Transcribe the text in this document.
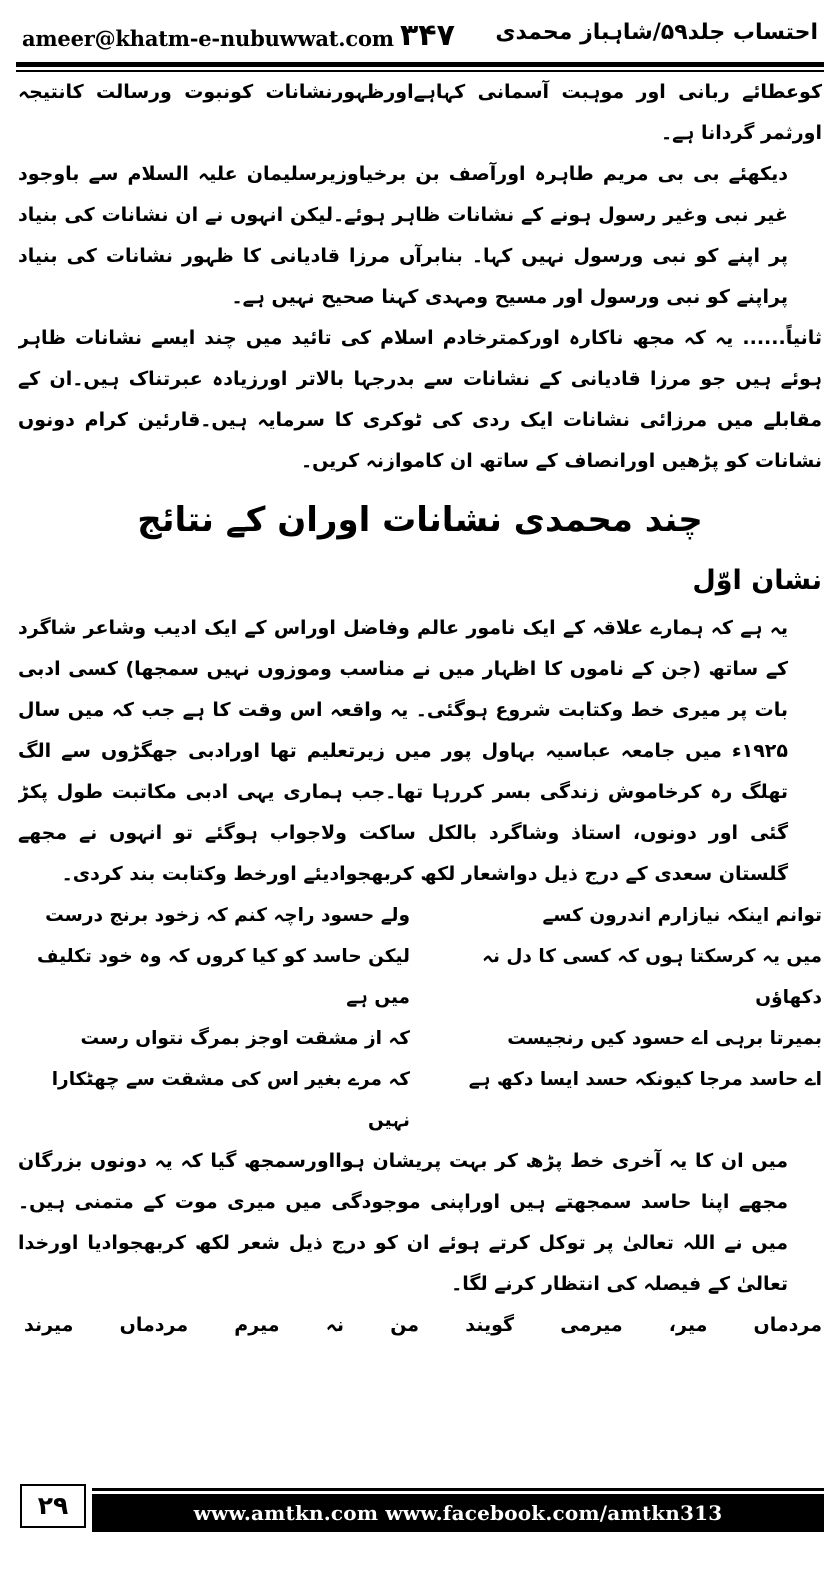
ameer@khatm-e-nubuwwat.com ۳۴۷ احتساب جلد۵۹/شاہباز محمدی

کوعطائے ربانی اور موہبت آسمانی کہاہےاورظہورنشانات کونبوت ورسالت کانتیجہ اورثمر گردانا ہے۔

دیکھئے بی بی مریم طاہرہ اورآصف بن برخیاوزیرسلیمان علیہ السلام سے باوجود غیر نبی وغیر رسول ہونے کے نشانات ظاہر ہوئے۔لیکن انہوں نے ان نشانات کی بنیاد پر اپنے کو نبی ورسول نہیں کہا۔ بنابرآں مرزا قادیانی کا ظہور نشانات کی بنیاد پراپنے کو نبی ورسول اور مسیح ومہدی کہنا صحیح نہیں ہے۔

ثانیاً...... یہ کہ مجھ ناکارہ اورکمترخادم اسلام کی تائید میں چند ایسے نشانات ظاہر ہوئے ہیں جو مرزا قادیانی کے نشانات سے بدرجہا بالاتر اورزیادہ عبرتناک ہیں۔ان کے مقابلے میں مرزائی نشانات ایک ردی کی ٹوکری کا سرمایہ ہیں۔قارئین کرام دونوں نشانات کو پڑھیں اورانصاف کے ساتھ ان کاموازنہ کریں۔

چند محمدی نشانات اوران کے نتائج
نشان اوّل

یہ ہے کہ ہمارے علاقہ کے ایک نامور عالم وفاضل اوراس کے ایک ادیب وشاعر شاگرد کے ساتھ (جن کے ناموں کا اظہار میں نے مناسب وموزوں نہیں سمجھا) کسی ادبی بات پر میری خط وکتابت شروع ہوگئی۔ یہ واقعہ اس وقت کا ہے جب کہ میں سال ۱۹۲۵ء میں جامعہ عباسیہ بہاول پور میں زیرتعلیم تھا اورادبی جھگڑوں سے الگ تھلگ رہ کرخاموش زندگی بسر کررہا تھا۔جب ہماری یہی ادبی مکاتبت طول پکڑ گئی اور دونوں، استاذ وشاگرد بالکل ساکت ولاجواب ہوگئے تو انہوں نے مجھے گلستان سعدی کے درج ذیل دواشعار لکھ کربھجوادیئے اورخط وکتابت بند کردی۔

توانم اینکہ نیازارم اندرون کسے	ولے حسود راچہ کنم کہ زخود برنج درست
میں یہ کرسکتا ہوں کہ کسی کا دل نہ دکھاؤں	لیکن حاسد کو کیا کروں کہ وہ خود تکلیف میں ہے
بمیرتا برہی اے حسود کیں رنجیست	کہ از مشقت اوجز بمرگ نتواں رست
اے حاسد مرجا کیونکہ حسد ایسا دکھ ہے	کہ مرے بغیر اس کی مشقت سے چھٹکارا نہیں

میں ان کا یہ آخری خط پڑھ کر بہت پریشان ہوااورسمجھ گیا کہ یہ دونوں بزرگان مجھے اپنا حاسد سمجھتے ہیں اوراپنی موجودگی میں میری موت کے متمنی ہیں۔ میں نے اللہ تعالیٰ پر توکل کرتے ہوئے ان کو درج ذیل شعر لکھ کربھجوادیا اورخدا تعالیٰ کے فیصلہ کی انتظار کرنے لگا۔

مردماں
میر،
میرمی
گویند
من
نہ
میرم
مردماں
میرند
۲۹	www.amtkn.com www.facebook.com/amtkn313 www.emaktaba.info
